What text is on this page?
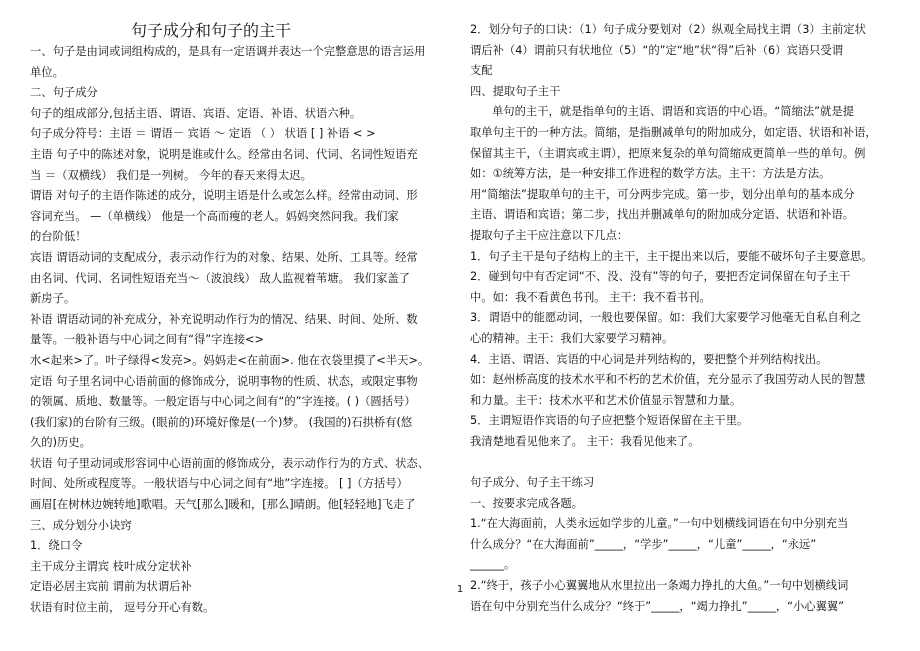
句子成分和句子的主干
一、句子是由词或词组构成的，是具有一定语调并表达一个完整意思的语言运用
单位。
二、句子成分
句子的组成部分,包括主语、谓语、宾语、定语、补语、状语六种。
句子成分符号：主语 ＝ 谓语－ 宾语 ～ 定语 （ ） 状语 [ ] 补语 < >
主语 句子中的陈述对象，说明是谁或什么。经常由名词、代词、名词性短语充
当 ＝（双横线） 我们是一列树。 今年的春天来得太迟。
谓语 对句子的主语作陈述的成分，说明主语是什么或怎么样。经常由动词、形
容词充当。 —（单横线） 他是一个高而瘦的老人。妈妈突然问我。我们家
的台阶低！
宾语 谓语动词的支配成分，表示动作行为的对象、结果、处所、工具等。经常
由名词、代词、名词性短语充当～（波浪线） 敌人监视着苇塘。 我们家盖了
新房子。
补语 谓语动词的补充成分，补充说明动作行为的情况、结果、时间、处所、数
量等。一般补语与中心词之间有“得”字连接<>
水<起来>了。叶子绿得<发亮>。妈妈走<在前面>. 他在衣袋里摸了<半天>。
定语 句子里名词中心语前面的修饰成分，说明事物的性质、状态，或限定事物
的领属、质地、数量等。一般定语与中心词之间有“的”字连接。( )（圆括号）
(我们家)的台阶有三级。(眼前的)环境好像是(一个)梦。 (我国的)石拱桥有(悠
久的)历史。
状语 句子里动词或形容词中心语前面的修饰成分，表示动作行为的方式、状态、
时间、处所或程度等。一般状语与中心词之间有“地”字连接。 [ ]（方括号）
画眉[在树林边婉转地]歌唱。天气[那么]暖和，[那么]晴朗。他[轻轻地]飞走了
三、成分划分小诀窍
1．绕口令
主干成分主谓宾 枝叶成分定状补
定语必居主宾前 谓前为状谓后补
状语有时位主前， 逗号分开心有数。
2．划分句子的口诀：（1）句子成分要划对（2）纵观全局找主谓（3）主前定状
谓后补（4）谓前只有状地位（5）“的”定“地”状“得”后补（6）宾语只受谓
支配
四、提取句子主干
单句的主干，就是指单句的主语、谓语和宾语的中心语。“简缩法”就是提
取单句主干的一种方法。简缩，是指删减单句的附加成分，如定语、状语和补语，
保留其主干，（主谓宾或主谓），把原来复杂的单句简缩成更简单一些的单句。例
如：①统筹方法，是一种安排工作进程的数学方法。主干：方法是方法。
用“简缩法”提取单句的主干，可分两步完成。第一步，划分出单句的基本成分
主语、谓语和宾语；第二步，找出并删减单句的附加成分定语、状语和补语。
提取句子主干应注意以下几点：
1．句子主干是句子结构上的主干，主干提出来以后，要能不破坏句子主要意思。
2．碰到句中有否定词“不、没、没有”等的句子，要把否定词保留在句子主干
中。如：我不看黄色书刊。 主干：我不看书刊。
3．谓语中的能愿动词，一般也要保留。如：我们大家要学习他毫无自私自利之
心的精神。主干：我们大家要学习精神。
4．主语、谓语、宾语的中心词是并列结构的，要把整个并列结构找出。
如：赵州桥高度的技术水平和不朽的艺术价值，充分显示了我国劳动人民的智慧
和力量。主干：技术水平和艺术价值显示智慧和力量。
5．主谓短语作宾语的句子应把整个短语保留在主干里。
我清楚地看见他来了。 主干：我看见他来了。
句子成分、句子主干练习
一、按要求完成各题。
1.“在大海面前，人类永远如学步的儿童。”一句中划横线词语在句中分别充当
什么成分？“在大海面前”_____，“学步”_____，“儿童”_____，“永远”
______。
2.“终于，孩子小心翼翼地从水里拉出一条竭力挣扎的大鱼。”一句中划横线词
语在句中分别充当什么成分？“终于”_____，“竭力挣扎”_____，“小心翼翼”
1
